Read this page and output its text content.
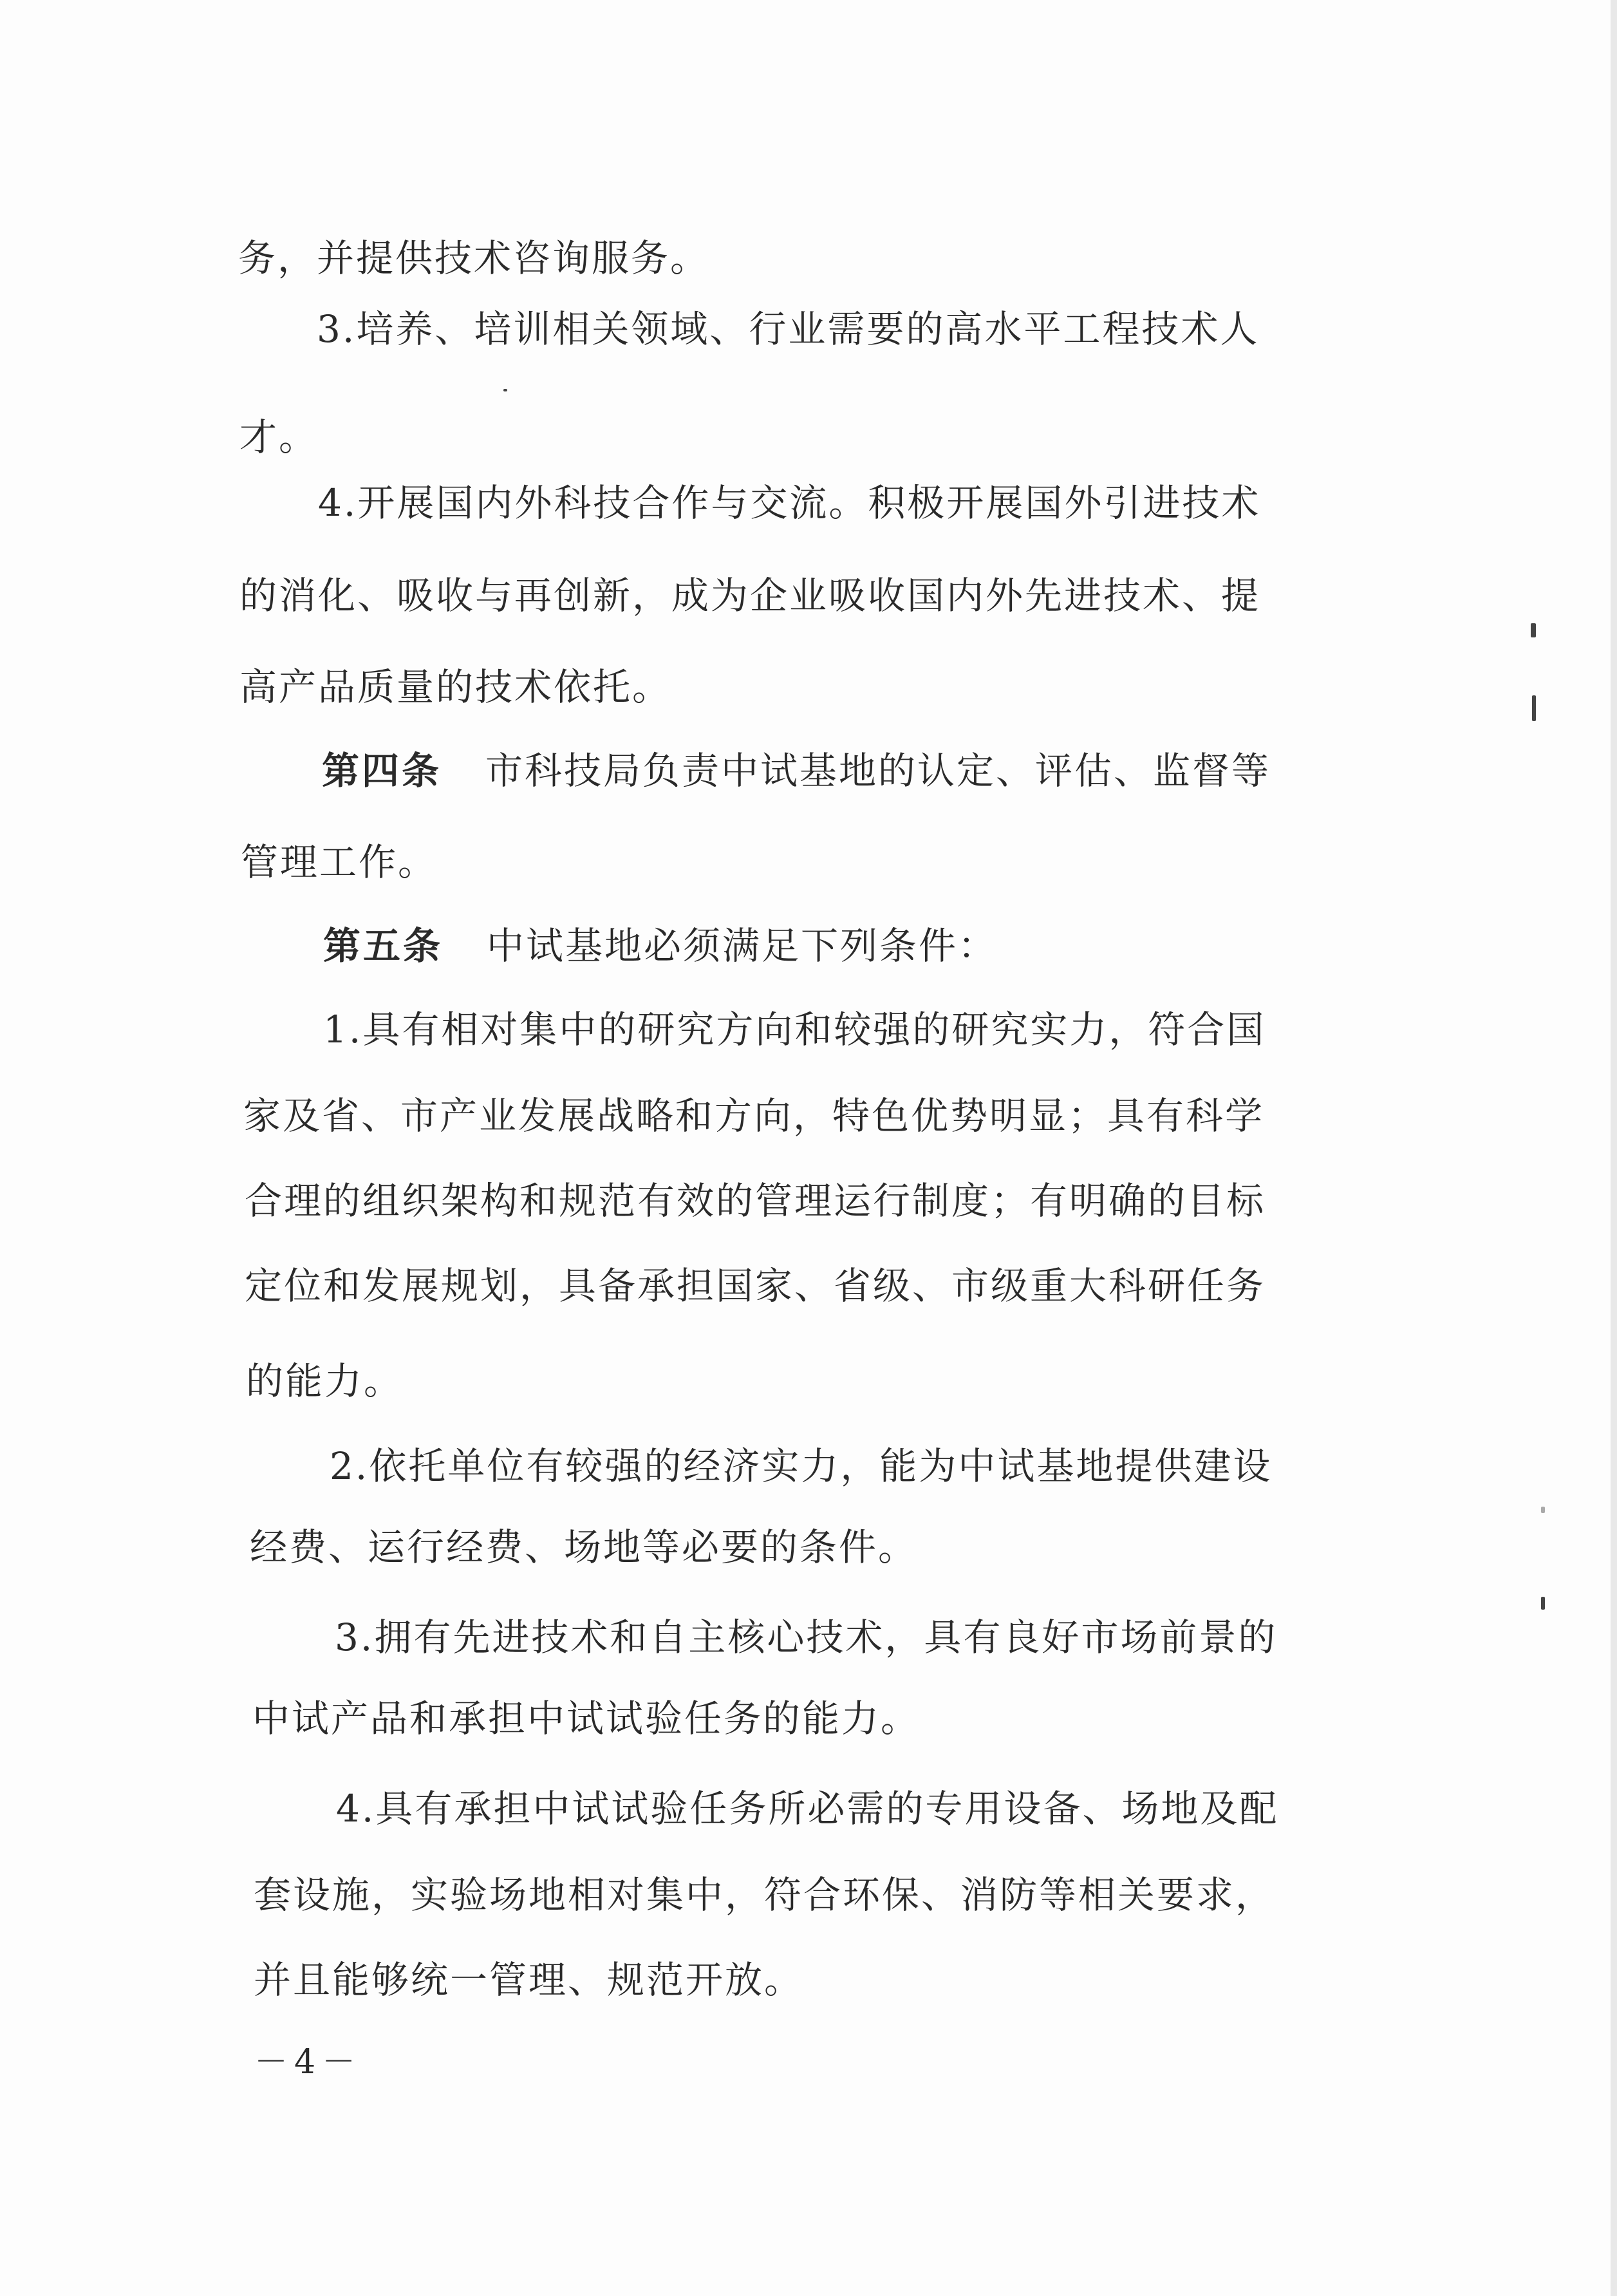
务，并提供技术咨询服务。
3.培养、培训相关领域、行业需要的高水平工程技术人
才。
4.开展国内外科技合作与交流。积极开展国外引进技术
的消化、吸收与再创新，成为企业吸收国内外先进技术、提
高产品质量的技术依托。
第四条 市科技局负责中试基地的认定、评估、监督等
管理工作。
第五条 中试基地必须满足下列条件：
1.具有相对集中的研究方向和较强的研究实力，符合国
家及省、市产业发展战略和方向，特色优势明显；具有科学
合理的组织架构和规范有效的管理运行制度；有明确的目标
定位和发展规划，具备承担国家、省级、市级重大科研任务
的能力。
2.依托单位有较强的经济实力，能为中试基地提供建设
经费、运行经费、场地等必要的条件。
3.拥有先进技术和自主核心技术，具有良好市场前景的
中试产品和承担中试试验任务的能力。
4.具有承担中试试验任务所必需的专用设备、场地及配
套设施，实验场地相对集中，符合环保、消防等相关要求，
并且能够统一管理、规范开放。
－4－
